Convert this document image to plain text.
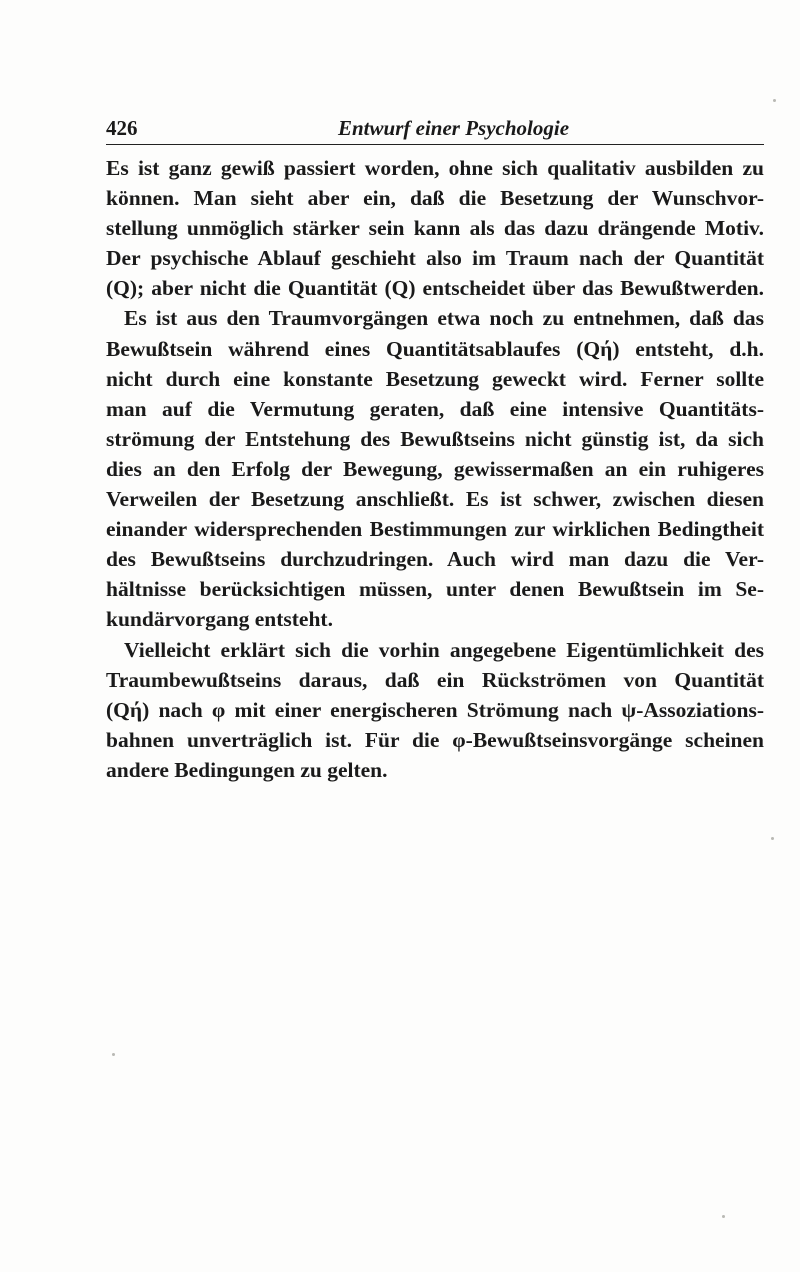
426	Entwurf einer Psychologie
Es ist ganz gewiß passiert worden, ohne sich qualitativ ausbilden zu
können. Man sieht aber ein, daß die Besetzung der Wunschvor-
stellung unmöglich stärker sein kann als das dazu drängende Motiv.
Der psychische Ablauf geschieht also im Traum nach der Quantität
(Q); aber nicht die Quantität (Q) entscheidet über das Bewußtwerden.
Es ist aus den Traumvorgängen etwa noch zu entnehmen, daß das
Bewußtsein während eines Quantitätsablaufes (Qή) entsteht, d.h.
nicht durch eine konstante Besetzung geweckt wird. Ferner sollte
man auf die Vermutung geraten, daß eine intensive Quantitäts-
strömung der Entstehung des Bewußtseins nicht günstig ist, da sich
dies an den Erfolg der Bewegung, gewissermaßen an ein ruhigeres
Verweilen der Besetzung anschließt. Es ist schwer, zwischen diesen
einander widersprechenden Bestimmungen zur wirklichen Bedingtheit
des Bewußtseins durchzudringen. Auch wird man dazu die Ver-
hältnisse berücksichtigen müssen, unter denen Bewußtsein im Se-
kundärvorgang entsteht.
Vielleicht erklärt sich die vorhin angegebene Eigentümlichkeit des
Traumbewußtseins daraus, daß ein Rückströmen von Quantität
(Qή) nach φ mit einer energischeren Strömung nach ψ-Assoziations-
bahnen unverträglich ist. Für die φ-Bewußtseinsvorgänge scheinen
andere Bedingungen zu gelten.
